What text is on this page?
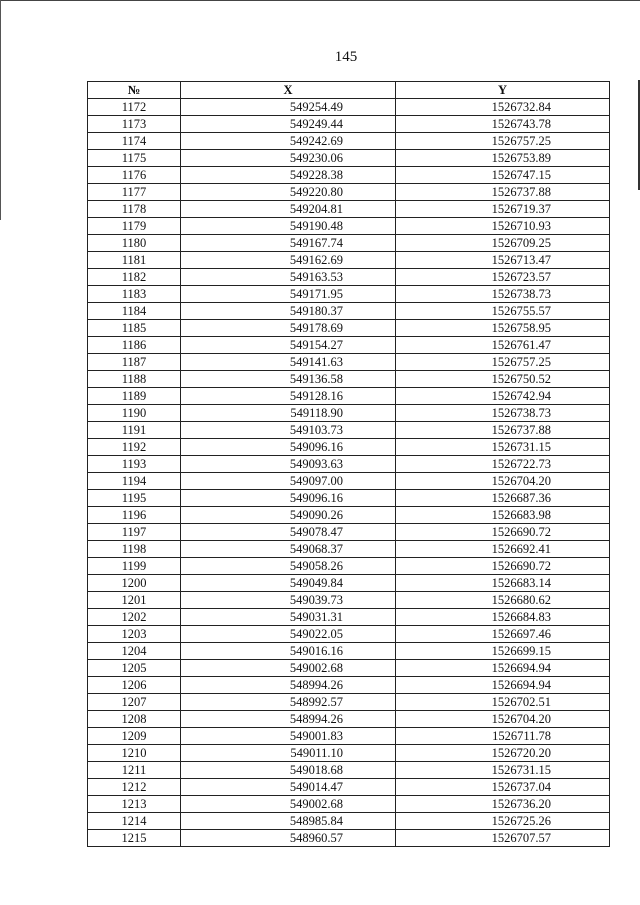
145
№	X	Y
1172	549254.49	1526732.84
1173	549249.44	1526743.78
1174	549242.69	1526757.25
1175	549230.06	1526753.89
1176	549228.38	1526747.15
1177	549220.80	1526737.88
1178	549204.81	1526719.37
1179	549190.48	1526710.93
1180	549167.74	1526709.25
1181	549162.69	1526713.47
1182	549163.53	1526723.57
1183	549171.95	1526738.73
1184	549180.37	1526755.57
1185	549178.69	1526758.95
1186	549154.27	1526761.47
1187	549141.63	1526757.25
1188	549136.58	1526750.52
1189	549128.16	1526742.94
1190	549118.90	1526738.73
1191	549103.73	1526737.88
1192	549096.16	1526731.15
1193	549093.63	1526722.73
1194	549097.00	1526704.20
1195	549096.16	1526687.36
1196	549090.26	1526683.98
1197	549078.47	1526690.72
1198	549068.37	1526692.41
1199	549058.26	1526690.72
1200	549049.84	1526683.14
1201	549039.73	1526680.62
1202	549031.31	1526684.83
1203	549022.05	1526697.46
1204	549016.16	1526699.15
1205	549002.68	1526694.94
1206	548994.26	1526694.94
1207	548992.57	1526702.51
1208	548994.26	1526704.20
1209	549001.83	1526711.78
1210	549011.10	1526720.20
1211	549018.68	1526731.15
1212	549014.47	1526737.04
1213	549002.68	1526736.20
1214	548985.84	1526725.26
1215	548960.57	1526707.57
